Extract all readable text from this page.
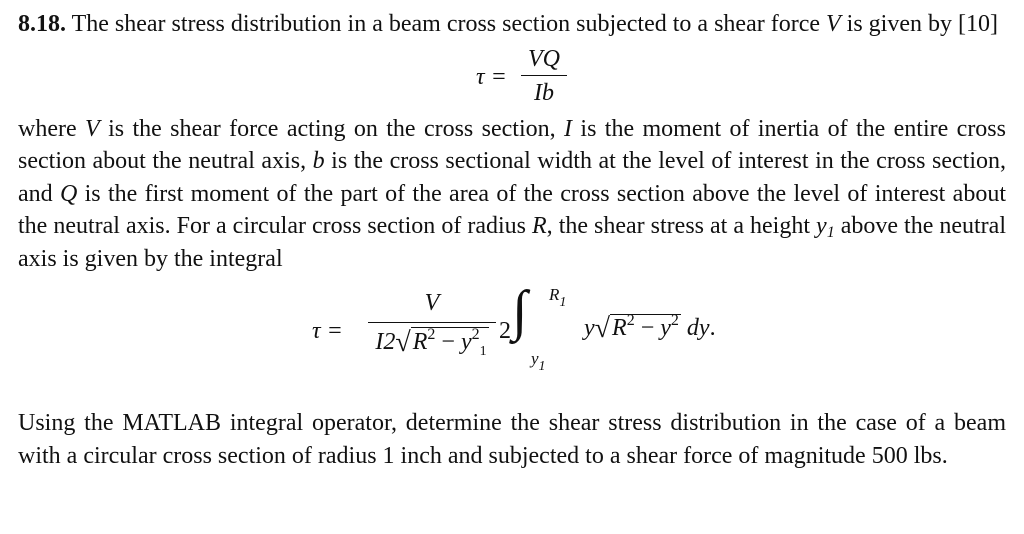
8.18. The shear stress distribution in a beam cross section subjected to a shear force V is given by [10]

τ =
VQ
Ib

where V is the shear force acting on the cross section, I is the moment of inertia of the entire cross section about the neutral axis, b is the cross sectional width at the level of interest in the cross section, and Q is the first moment of the part of the area of the cross section above the level of interest about the neutral axis. For a circular cross section of radius R, the shear stress at a height $y_1$ above the neutral axis is given by the integral

τ =
V
$I2√R^2 - y^2_1$
2 ∫ $R_1$
$y_1$
$y√R^2 - y^2$ dy.

Using the MATLAB integral operator, determine the shear stress distribution in the case of a beam with a circular cross section of radius 1 inch and subjected to a shear force of magnitude 500 lbs.
